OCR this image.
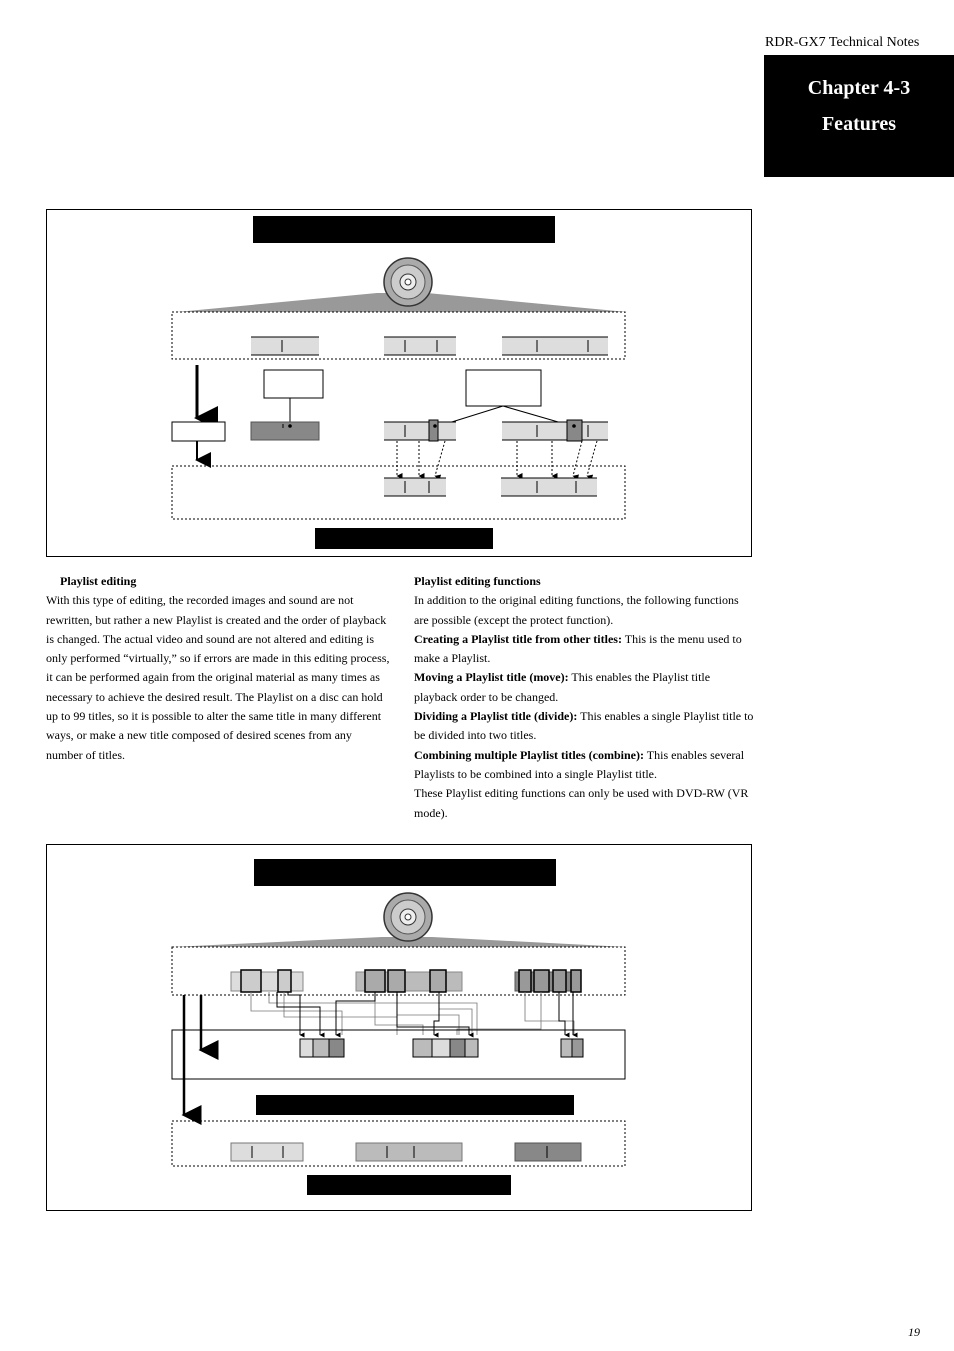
RDR-GX7 Technical Notes
Chapter 4-3
Features

Playlist editing

With this type of editing, the recorded images and sound are not rewritten, but rather a new Playlist is created and the order of playback is changed. The actual video and sound are not altered and editing is only performed “virtually,” so if errors are made in this editing process, it can be performed again from the original material as many times as necessary to achieve the desired result. The Playlist on a disc can hold up to 99 titles, so it is possible to alter the same title in many different ways, or make a new title composed of desired scenes from any number of titles.

Playlist editing functions

In addition to the original editing functions, the following functions are possible (except the protect function).

Creating a Playlist title from other titles: This is the menu used to make a Playlist.

Moving a Playlist title (move): This enables the Playlist title playback order to be changed.

Dividing a Playlist title (divide): This enables a single Playlist title to be divided into two titles.

Combining multiple Playlist titles (combine): This enables several Playlists to be combined into a single Playlist title.

These Playlist editing functions can only be used with DVD-RW (VR mode).

19
